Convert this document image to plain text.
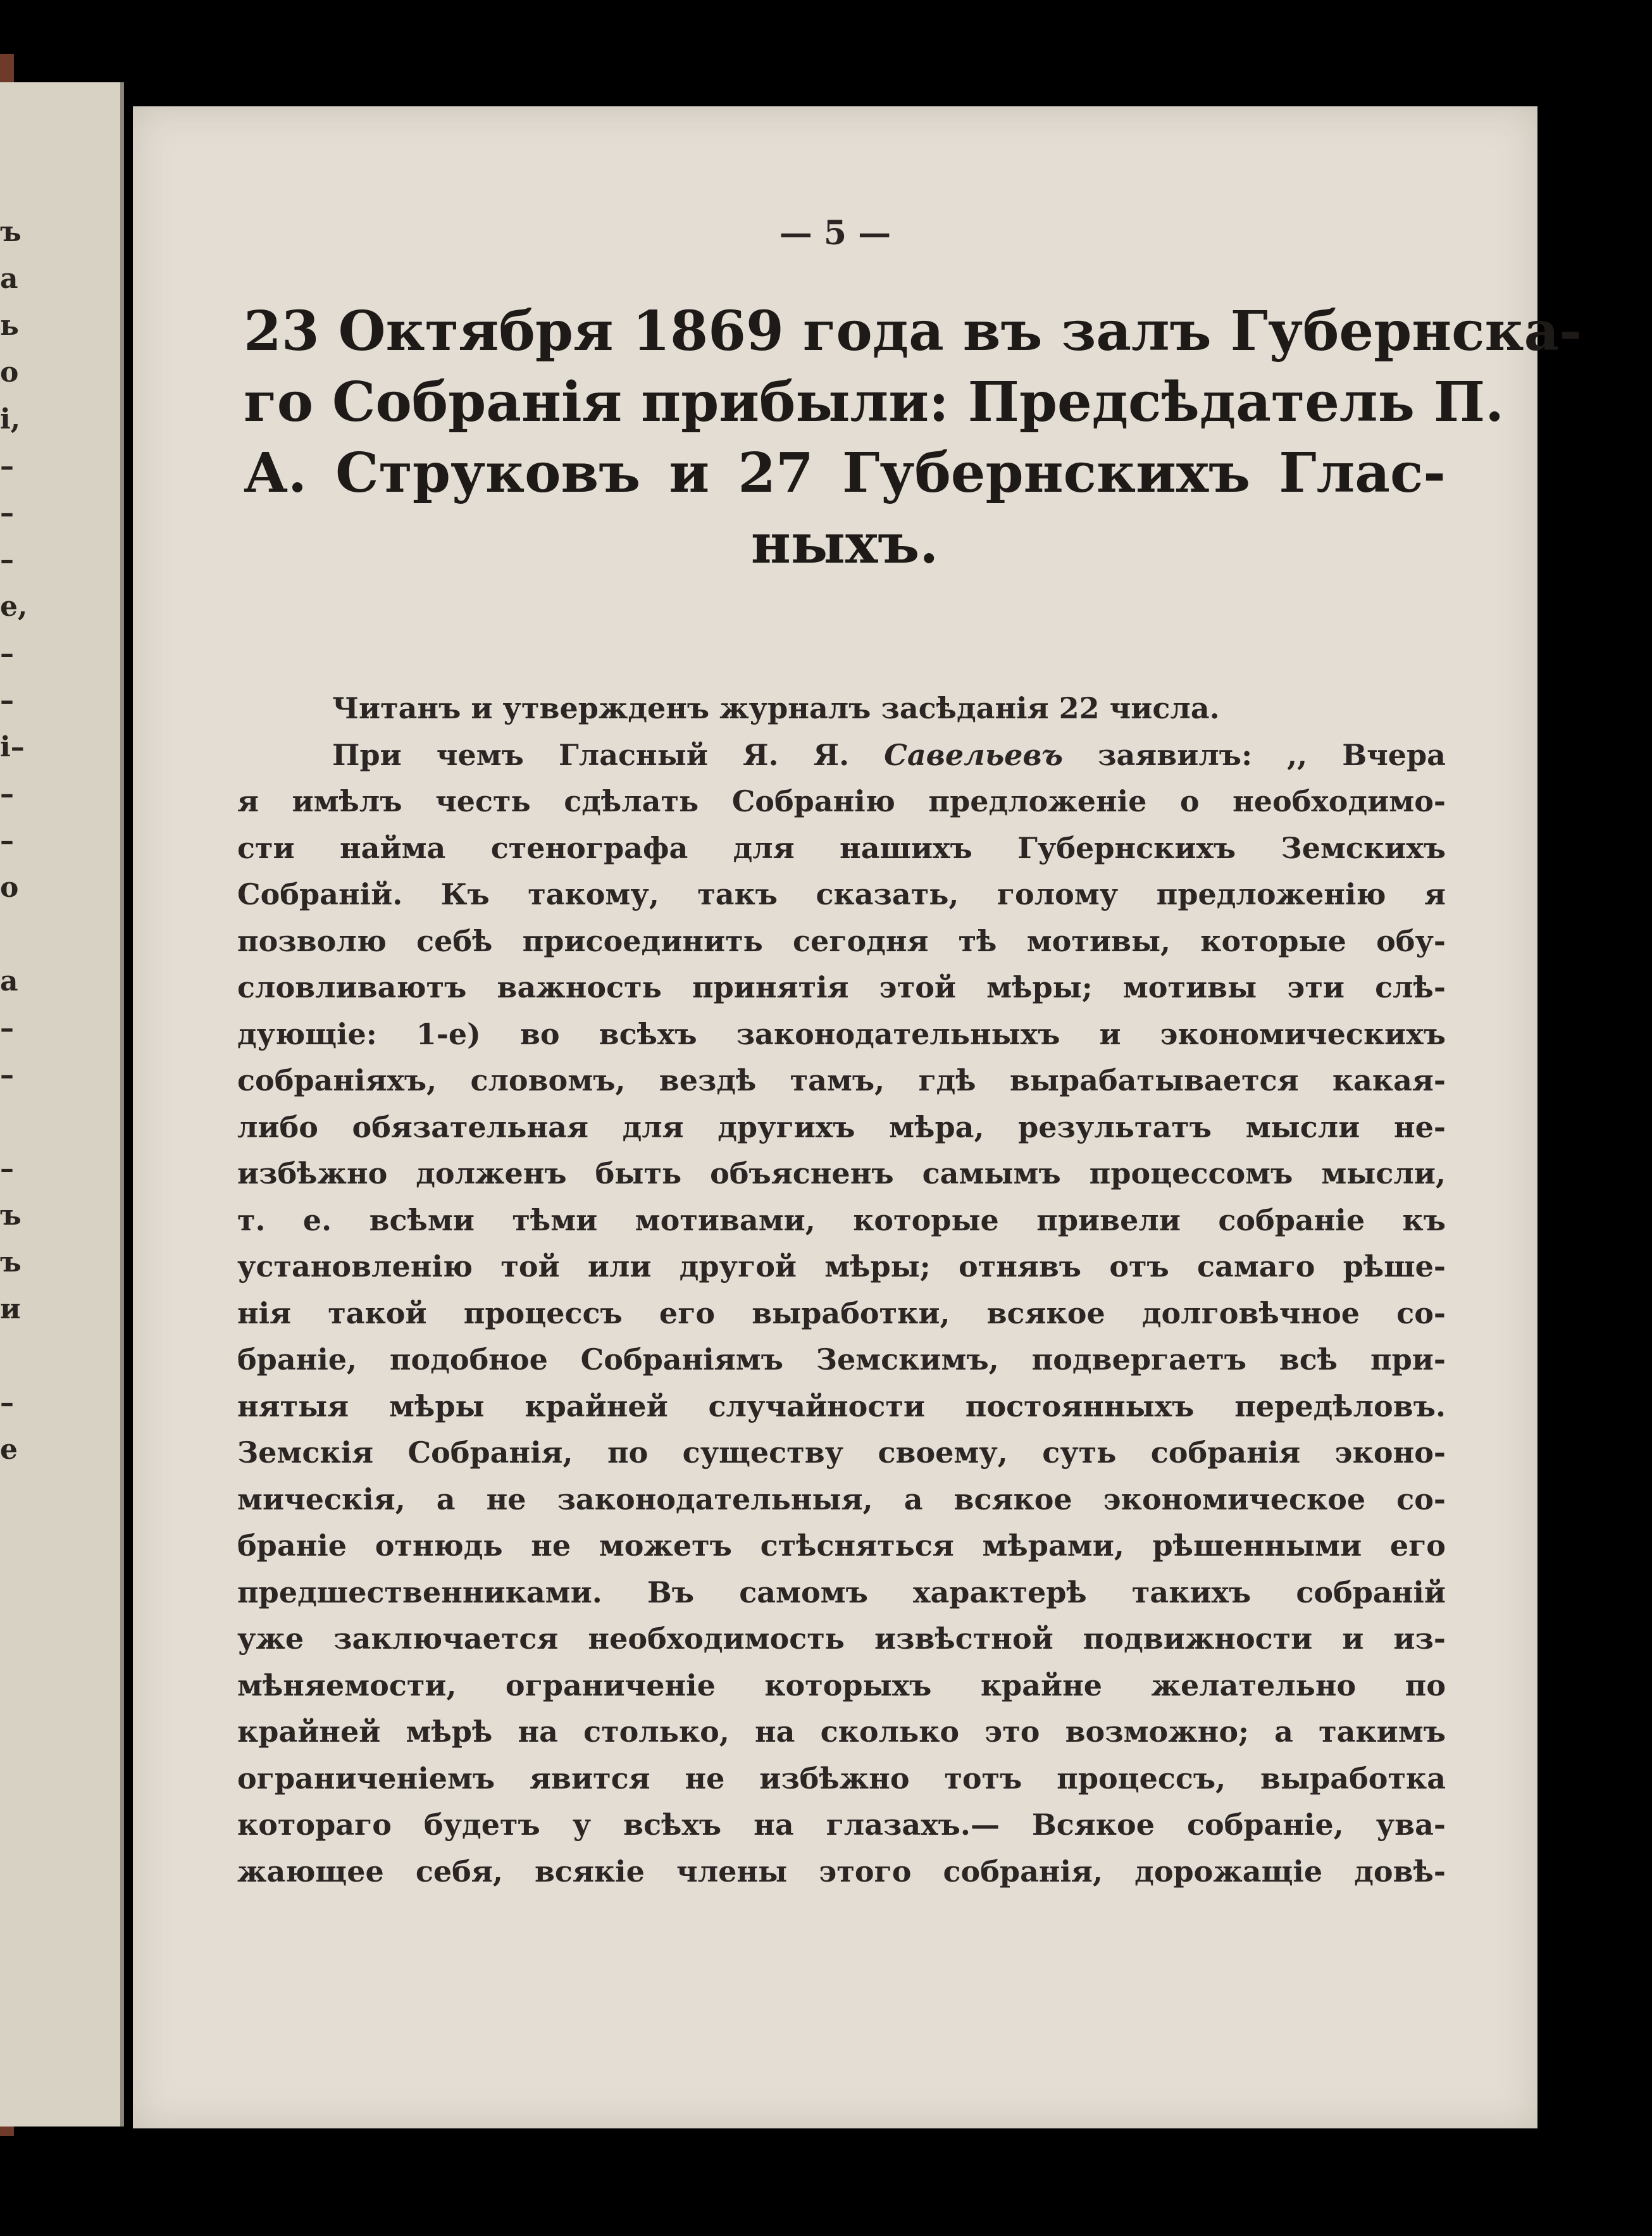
ъ
а
ь
о
і,
–
–
–
е,
–
–
і–
–
–
о
а
–
–
–
ъ
ъ
и
–
е
— 5 —
23 Октября 1869 года въ залъ Губернска-
го Собранія прибыли: Предсѣдатель П.
А. Струковъ и 27 Губернскихъ Глас-
ныхъ.
Читанъ и утвержденъ журналъ засѣданія 22 числа.
При чемъ Гласный Я. Я. Савельевъ заявилъ: ,, Вчера
я имѣлъ честь сдѣлать Собранію предложеніе о необходимо-
сти найма стенографа для нашихъ Губернскихъ Земскихъ
Собраній. Къ такому, такъ сказать, голому предложенію я
позволю себѣ присоединить сегодня тѣ мотивы, которые обу-
словливаютъ важность принятія этой мѣры; мотивы эти слѣ-
дующіе: 1-е) во всѣхъ законодательныхъ и экономическихъ
собраніяхъ, словомъ, вездѣ тамъ, гдѣ вырабатывается какая-
либо обязательная для другихъ мѣра, результатъ мысли не-
избѣжно долженъ быть объясненъ самымъ процессомъ мысли,
т. е. всѣми тѣми мотивами, которые привели собраніе къ
установленію той или другой мѣры; отнявъ отъ самаго рѣше-
нія такой процессъ его выработки, всякое долговѣчное со-
браніе, подобное Собраніямъ Земскимъ, подвергаетъ всѣ при-
нятыя мѣры крайней случайности постоянныхъ передѣловъ.
Земскія Собранія, по существу своему, суть собранія эконо-
мическія, а не законодательныя, а всякое экономическое со-
браніе отнюдь не можетъ стѣсняться мѣрами, рѣшенными его
предшественниками. Въ самомъ характерѣ такихъ собраній
уже заключается необходимость извѣстной подвижности и из-
мѣняемости, ограниченіе которыхъ крайне желательно по
крайней мѣрѣ на столько, на сколько это возможно; а такимъ
ограниченіемъ явится не избѣжно тотъ процессъ, выработка
котораго будетъ у всѣхъ на глазахъ.— Всякое собраніе, ува-
жающее себя, всякіе члены этого собранія, дорожащіе довѣ-
